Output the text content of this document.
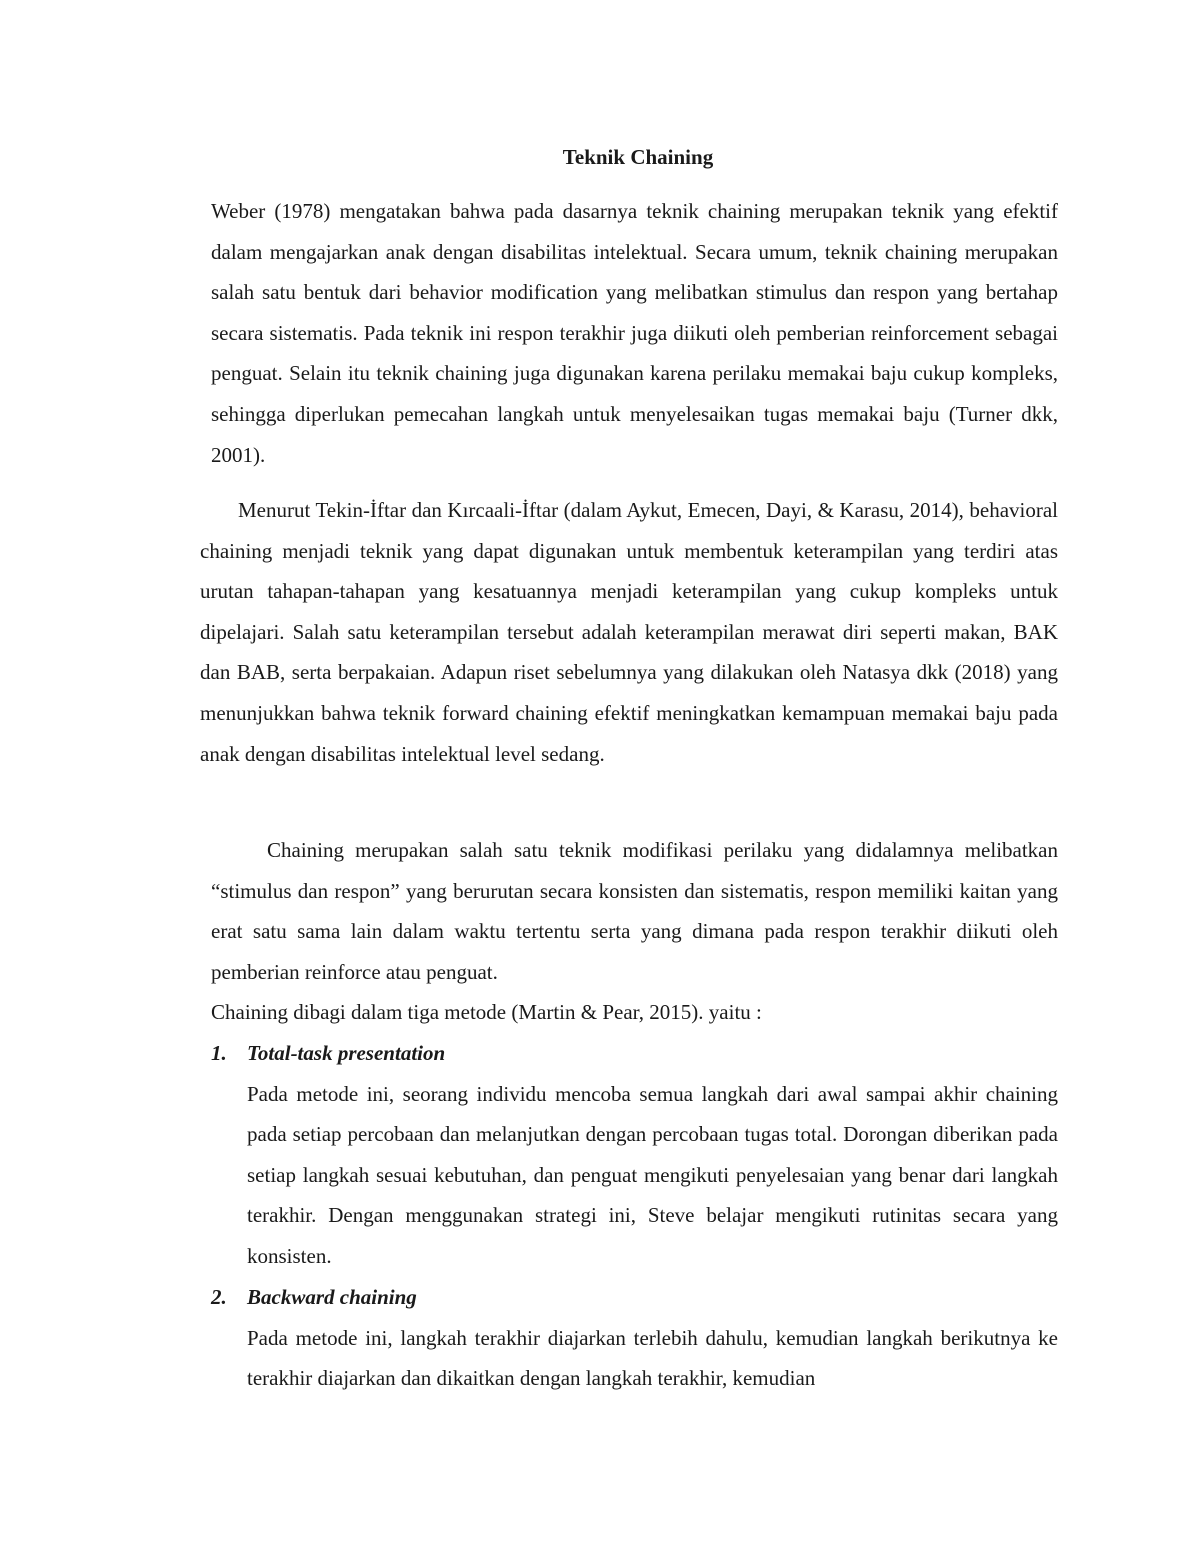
Teknik Chaining

Weber (1978) mengatakan bahwa pada dasarnya teknik chaining merupakan teknik yang efektif dalam mengajarkan anak dengan disabilitas intelektual. Secara umum, teknik chaining merupakan salah satu bentuk dari behavior modification yang melibatkan stimulus dan respon yang bertahap secara sistematis. Pada teknik ini respon terakhir juga diikuti oleh pemberian reinforcement sebagai penguat. Selain itu teknik chaining juga digunakan karena perilaku memakai baju cukup kompleks, sehingga diperlukan pemecahan langkah untuk menyelesaikan tugas memakai baju (Turner dkk, 2001).

Menurut Tekin-İftar dan Kırcaali-İftar (dalam Aykut, Emecen, Dayi, & Karasu, 2014), behavioral chaining menjadi teknik yang dapat digunakan untuk membentuk keterampilan yang terdiri atas urutan tahapan-tahapan yang kesatuannya menjadi keterampilan yang cukup kompleks untuk dipelajari. Salah satu keterampilan tersebut adalah keterampilan merawat diri seperti makan, BAK dan BAB, serta berpakaian. Adapun riset sebelumnya yang dilakukan oleh Natasya dkk (2018) yang menunjukkan bahwa teknik forward chaining efektif meningkatkan kemampuan memakai baju pada anak dengan disabilitas intelektual level sedang.

Chaining merupakan salah satu teknik modifikasi perilaku yang didalamnya melibatkan “stimulus dan respon” yang berurutan secara konsisten dan sistematis, respon memiliki kaitan yang erat satu sama lain dalam waktu tertentu serta yang dimana pada respon terakhir diikuti oleh pemberian reinforce atau penguat.

Chaining dibagi dalam tiga metode (Martin & Pear, 2015). yaitu :

1. Total-task presentation

Pada metode ini, seorang individu mencoba semua langkah dari awal sampai akhir chaining pada setiap percobaan dan melanjutkan dengan percobaan tugas total. Dorongan diberikan pada setiap langkah sesuai kebutuhan, dan penguat mengikuti penyelesaian yang benar dari langkah terakhir. Dengan menggunakan strategi ini, Steve belajar mengikuti rutinitas secara yang konsisten.

2. Backward chaining

Pada metode ini, langkah terakhir diajarkan terlebih dahulu, kemudian langkah berikutnya ke terakhir diajarkan dan dikaitkan dengan langkah terakhir, kemudian
